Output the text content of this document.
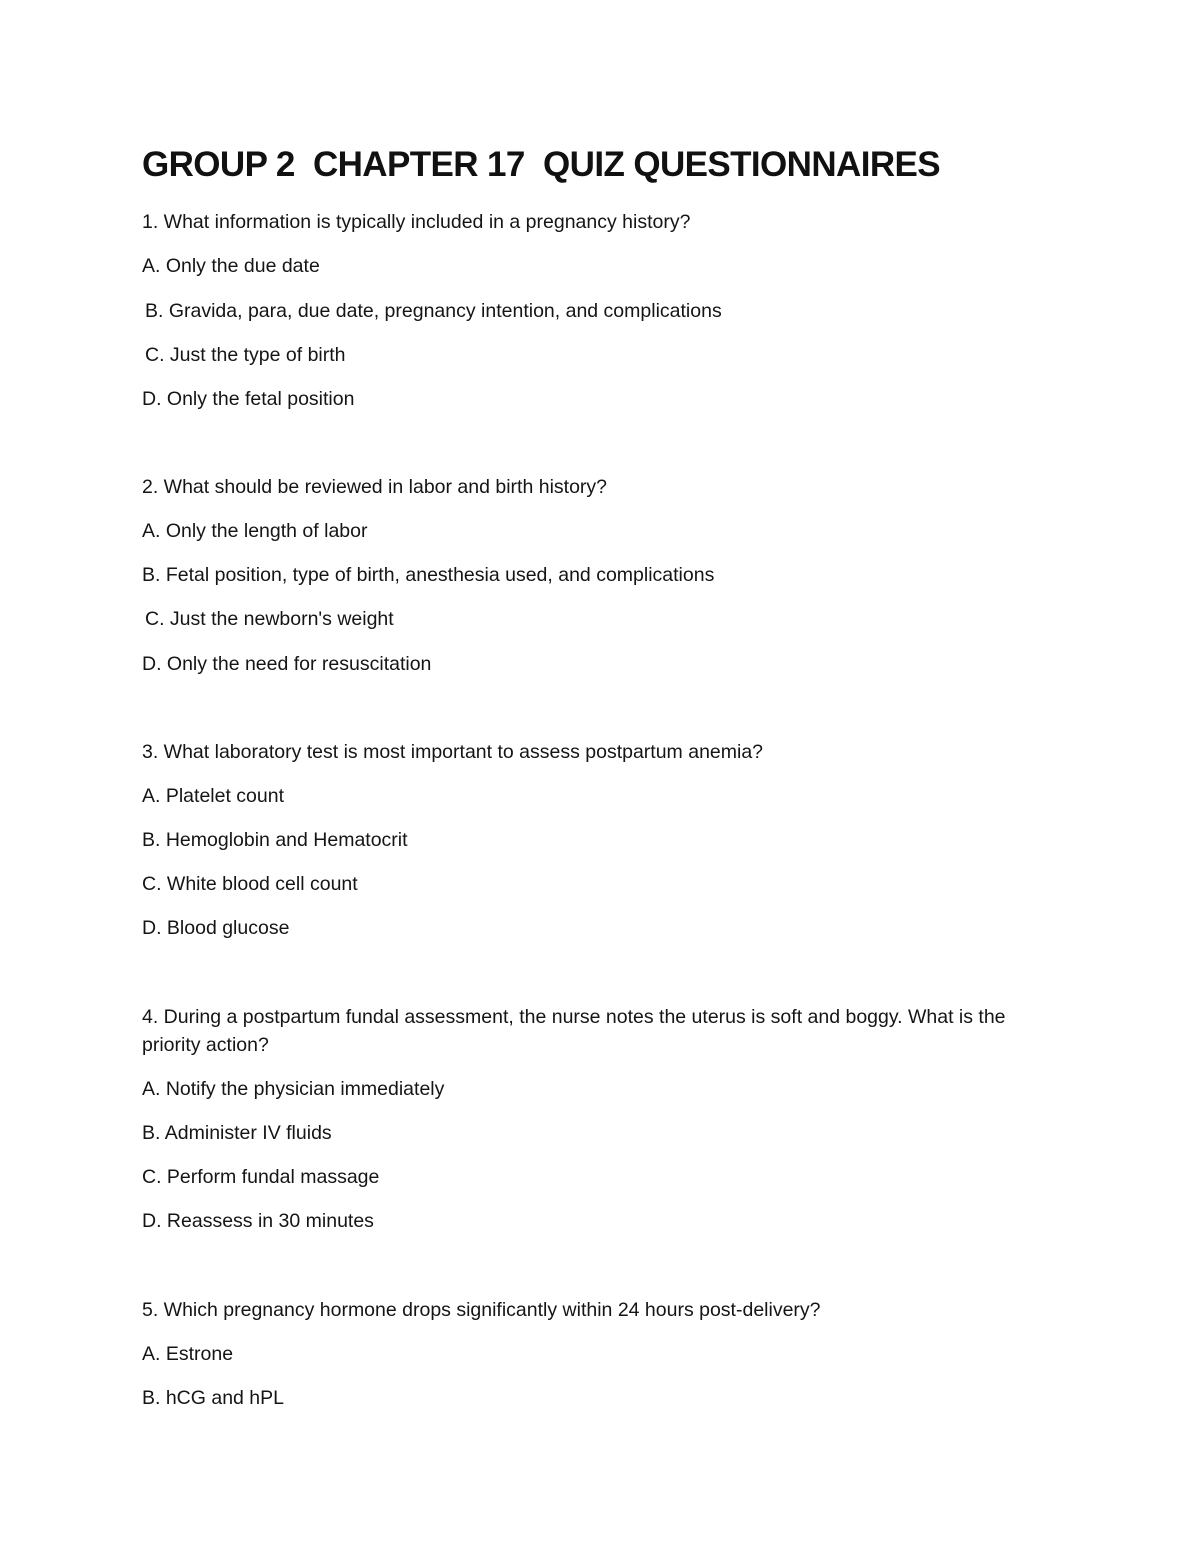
GROUP 2  CHAPTER 17  QUIZ QUESTIONNAIRES
1. What information is typically included in a pregnancy history?
A. Only the due date
B. Gravida, para, due date, pregnancy intention, and complications
C. Just the type of birth
D. Only the fetal position
2. What should be reviewed in labor and birth history?
A. Only the length of labor
B. Fetal position, type of birth, anesthesia used, and complications
C. Just the newborn's weight
D. Only the need for resuscitation
3. What laboratory test is most important to assess postpartum anemia?
A. Platelet count
B. Hemoglobin and Hematocrit
C. White blood cell count
D. Blood glucose
4. During a postpartum fundal assessment, the nurse notes the uterus is soft and boggy. What is the priority action?
A. Notify the physician immediately
B. Administer IV fluids
C. Perform fundal massage
D. Reassess in 30 minutes
5. Which pregnancy hormone drops significantly within 24 hours post-delivery?
A. Estrone
B. hCG and hPL
